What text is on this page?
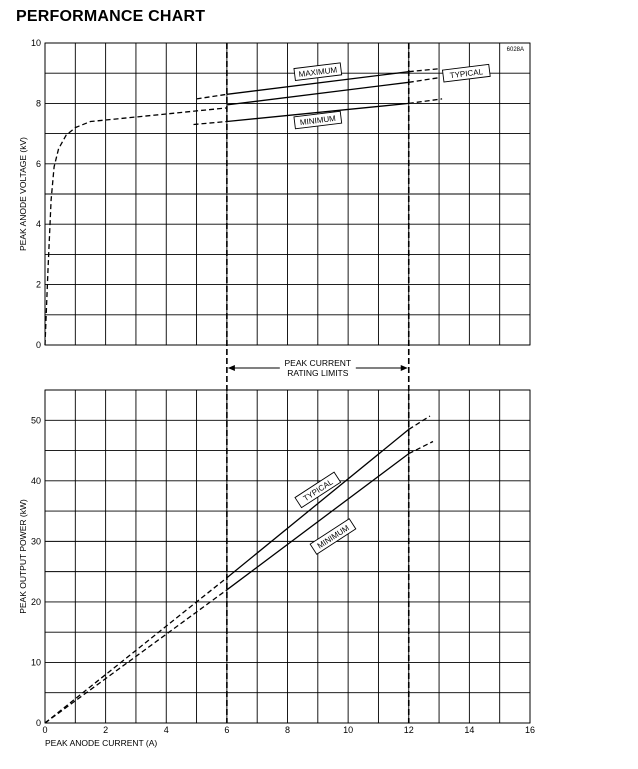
PERFORMANCE CHART
0
2
4
6
8
10
PEAK ANODE VOLTAGE (kV)
6028A
MAXIMUM	TYPICAL
MINIMUM
0
10
20
30
40
50
0	2	4	6	8	10	12	14	16
PEAK OUTPUT POWER (kW)
PEAK ANODE CURRENT (A)
TYPICAL
MINIMUM
PEAK CURRENT
RATING LIMITS
